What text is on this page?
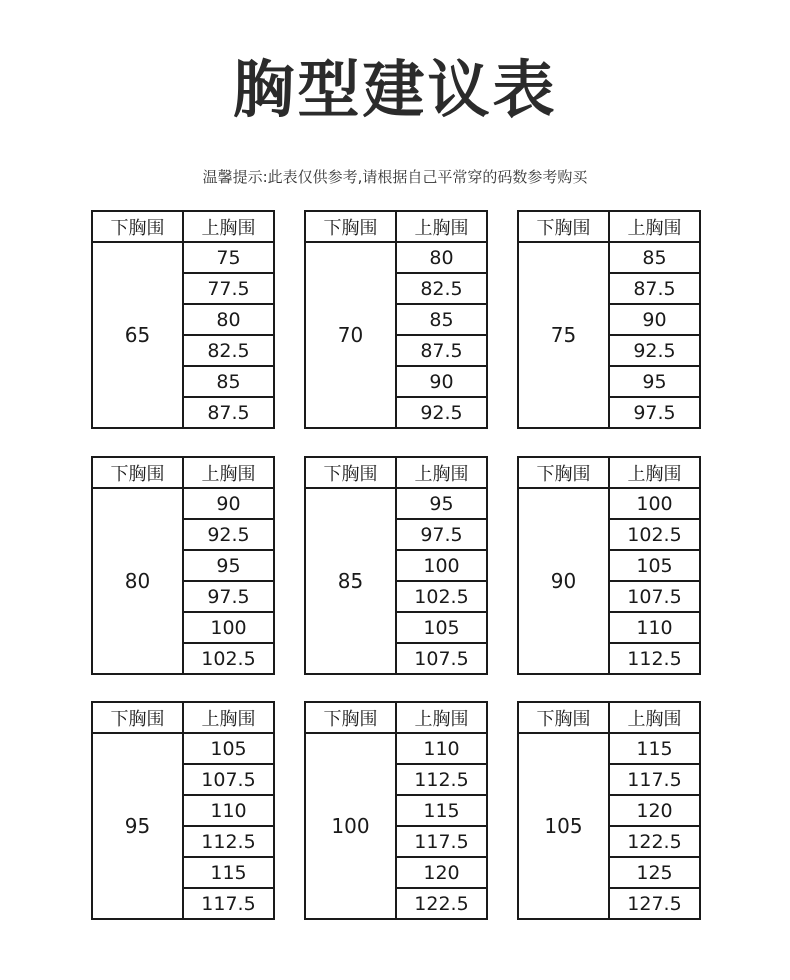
胸型建议表
温馨提示:此表仅供参考,请根据自己平常穿的码数参考购买
下胸围	上胸围
65	75
	77.5
	80
	82.5
	85
	87.5
下胸围	上胸围
70	80
	82.5
	85
	87.5
	90
	92.5
下胸围	上胸围
75	85
	87.5
	90
	92.5
	95
	97.5
下胸围	上胸围
80	90
	92.5
	95
	97.5
	100
	102.5
下胸围	上胸围
85	95
	97.5
	100
	102.5
	105
	107.5
下胸围	上胸围
90	100
	102.5
	105
	107.5
	110
	112.5
下胸围	上胸围
95	105
	107.5
	110
	112.5
	115
	117.5
下胸围	上胸围
100	110
	112.5
	115
	117.5
	120
	122.5
下胸围	上胸围
105	115
	117.5
	120
	122.5
	125
	127.5
